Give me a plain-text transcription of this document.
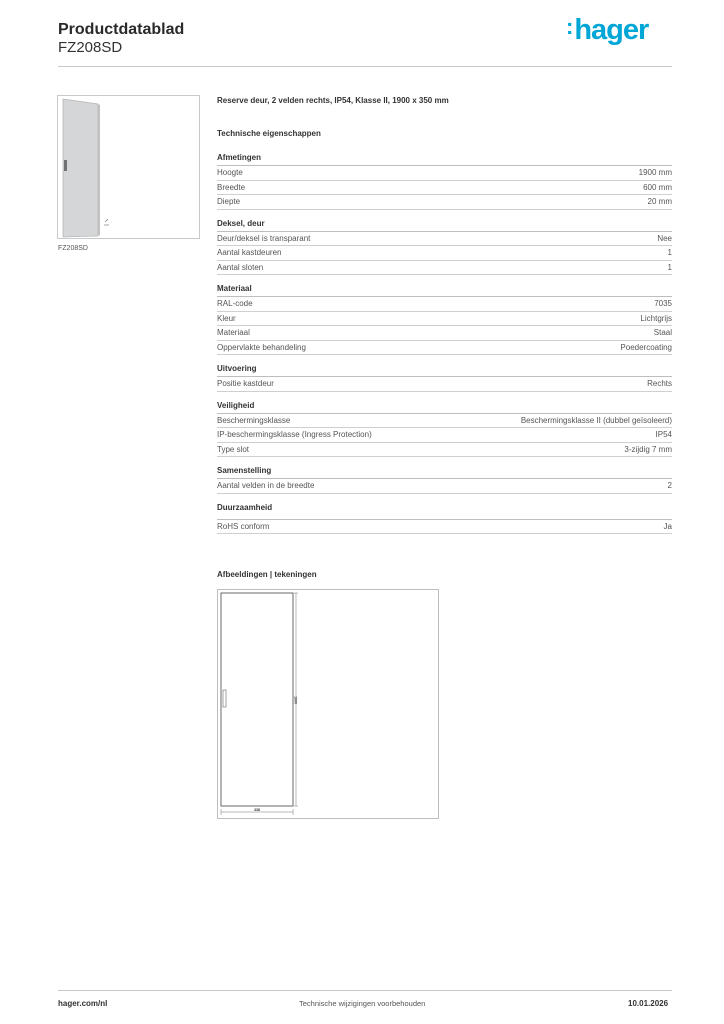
Productdatablad
FZ208SD
:hager
FZ208SD
Reserve deur, 2 velden rechts, IP54, Klasse II, 1900 x 350 mm
Technische eigenschappen
Afmetingen
Hoogte	1900 mm
Breedte	600 mm
Diepte	20 mm
Deksel, deur
Deur/deksel is transparant	Nee
Aantal kastdeuren	1
Aantal sloten	1
Materiaal
RAL-code	7035
Kleur	Lichtgrijs
Materiaal	Staal
Oppervlakte behandeling	Poedercoating
Uitvoering
Positie kastdeur	Rechts
Veiligheid
Beschermingsklasse	Beschermingsklasse II (dubbel geïsoleerd)
IP-beschermingsklasse (Ingress Protection)	IP54
Type slot	3-zijdig 7 mm
Samenstelling
Aantal velden in de breedte	2
Duurzaamheid
RoHS conform	Ja
Afbeeldingen | tekeningen
1900
338
hager.com/nl	Technische wijzigingen voorbehouden	10.01.2026
